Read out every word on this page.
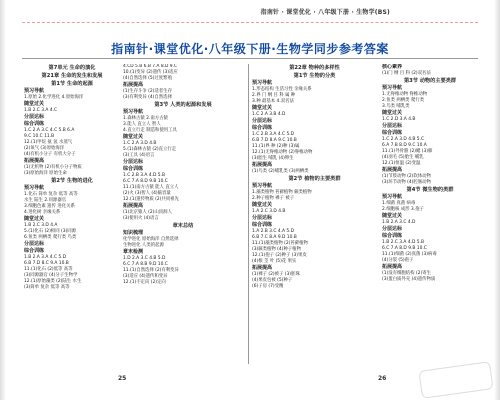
指南针 · 课堂优化 · 八年级下册 · 生物学(BS)
指南针·课堂优化·八年级下册·生物学同步参考答案

第7单元 生命的演化

第21章 生命的发生和发展

第1节 生命的起源

预习导航

1.原始 2.化学进化 4.原始海洋

随堂过关

1.B 2.C 3.A 4.C

分层达标

综合训练

1.C 2.A 3.C 4.C 5.B 6.A

9.C 10.C 11.B

12.(1)甲烷 氨 氢 水蒸气

(2)氧气 (3)原始海洋

(4)有机小分子 有机大分子

拓展提高

(1)无机物 (2)有机小分子物质

(3)原始海洋 原始生命

第2节 生物的进化

预习导航

1.化石 简单 复杂 低等 高等

水生 陆生 2.同源器官

3.细胞色素 遗传 进化关系

4.进化树 亲缘关系

随堂过关

1.B 2.C 3.D 4.A

5.(1)化石 (2)相同 (3)同源

6.鱼类 两栖类 爬行类 鸟类

分层达标

综合训练

1.B 2.A 3.A 4.C 5.D

6.B 7.D 8.C 9.A 10.B

11.(1)化石 (2)低等 高等

(3)同源器官 (4)分子生物学

12.(1)原始藻类 (2)陆生 水生

(3)简单 复杂 低等 高等

4.CD 5.B 6.B 7.A 8.D 9.C

10.(1)变异 (2)遗传 (3)适应

(4)自然选择 (5)过度繁殖

拓展提高

(1)生存斗争 (2)适者生存

(3)有利变异 (4)自然选择

第3节 人类的起源和发展

预习导航

1.森林古猿 2.南方古猿

3.能人 直立人 智人

4.直立行走 制造和使用工具

随堂过关

1.C 2.A 3.D 4.B

5.(1)森林古猿 (2)直立行走

(3)工具 (4)语言

分层达标

综合训练

1.C 2.B 3.A 4.D 5.B

6.C 7.A 8.D 9.B 10.C

11.(1)南方古猿 能人 直立人

(2)火 (3)智人 (4)脑容量

12.(1)遗传物质 (2)共同祖先

拓展提高

(1)北京猿人 (2)山顶洞人

(3)使用火 (4)语言

章末总结

知识梳理

化学进化 原始海洋 自然选择

生物进化 人类的起源

章末检测

1.D 2.A 3.C 4.B 5.D

6.C 7.A 8.B 9.D 10.C

11.(1)自然选择 (2)有利变异

(3)适应 (4)遗传和变异

12.(1)不定向 (2)定向

第22章 物种的多样性

第1节 生物的分类

预习导航

1.形态结构 生活习性 亲缘关系

2.界 门 纲 目 科 属 种

3.种 最基本 4.双名法

随堂过关

1.C 2.A 3.B 4.D

分层达标

综合训练

1.C 2.B 3.A 4.C 5.D

6.B 7.D 8.A 9.C 10.B

11.(1)界 种 (2)种 (3)属

12.(1)无脊椎动物 (2)脊椎动物

(3)胎生 哺乳 (4)卵生

拓展提高

(1)鸟类 (2)哺乳类 (3)两栖类

第2节 植物的主要类群

预习导航

1.藻类植物 苔藓植物 蕨类植物

2.种子植物 裸子 被子

随堂过关

1.A 2.C 3.D 4.B

分层达标

综合训练

1.A 2.B 3.C 4.A 5.D

6.B 7.C 8.A 9.D 10.B

11.(1)藻类植物 (2)苔藓植物

(3)蕨类植物 (4)种子植物

12.(1)孢子 (2)种子 (3)果皮

(4)根 茎 叶 (5)花 果实

拓展提高

(1)裸子 (2)被子 (3)胚珠

(4)果皮包被 (5)种子

(6)子房 (7)受精

核心素养

(1)门 纲 目 科 (2)双名法

第3节 动物的主要类群

预习导航

1.无脊椎动物 脊椎动物

2.鱼类 两栖类 爬行类

3.鸟类 哺乳类

随堂过关

1.C 2.D 3.A 4.B

分层达标

综合训练

1.C 2.A 3.D 4.B 5.C

6.A 7.B 8.D 9.C 10.A

11.(1)外骨骼 (2)鳃 (3)肺

(4)羽毛 (5)胎生 哺乳

12.(1)恒温 (2)变温

拓展提高

(1)节肢动物 (2)软体动物

(3)环节动物 (4)腔肠动物

第4节 微生物的类群

预习导航

1.细菌 真菌 病毒

2.细胞核 成形 3.孢子

随堂过关

1.B 2.A 3.C 4.D

分层达标

综合训练

1.B 2.C 3.A 4.D 5.B

6.C 7.A 8.D 9.B 10.C

11.(1)细菌 (2)真菌 (3)病毒

(4)分裂 (5)孢子

拓展提高

(1)没有细胞结构 (2)寄生

(3)蛋白质外壳 (4)遗传物质

25	26
